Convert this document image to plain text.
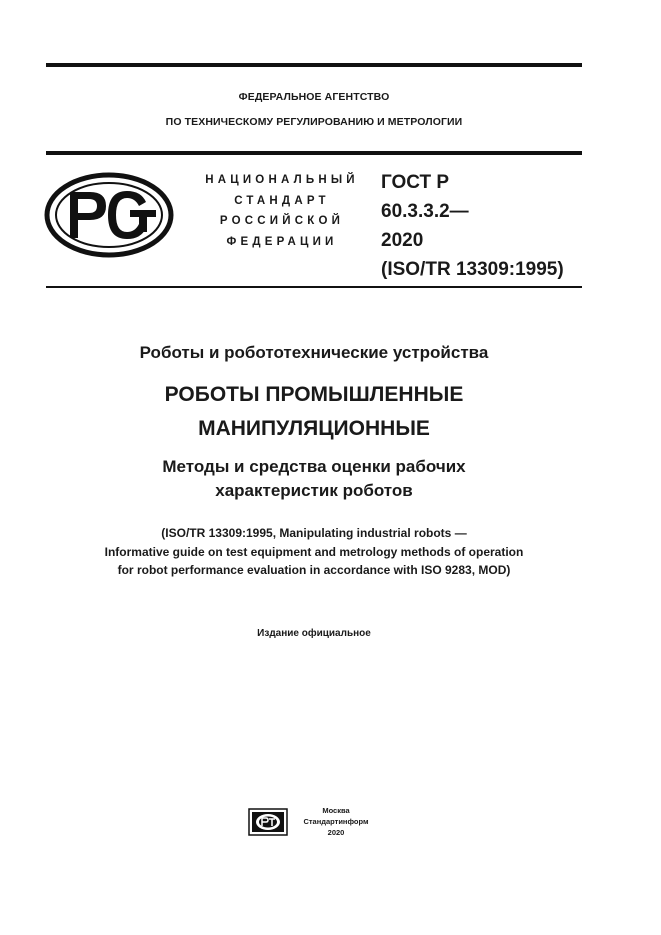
ФЕДЕРАЛЬНОЕ АГЕНТСТВО
ПО ТЕХНИЧЕСКОМУ РЕГУЛИРОВАНИЮ И МЕТРОЛОГИИ
НАЦИОНАЛЬНЫЙ
СТАНДАРТ
РОССИЙСКОЙ
ФЕДЕРАЦИИ
ГОСТ Р
60.3.3.2—
2020
(ISO/TR 13309:1995)
Роботы и робототехнические устройства
РОБОТЫ ПРОМЫШЛЕННЫЕ
МАНИПУЛЯЦИОННЫЕ
Методы и средства оценки рабочих
характеристик роботов
(ISO/TR 13309:1995, Manipulating industrial robots —
Informative guide on test equipment and metrology methods of operation
for robot performance evaluation in accordance with ISO 9283, MOD)
Издание официальное
Москва
Стандартинформ
2020
